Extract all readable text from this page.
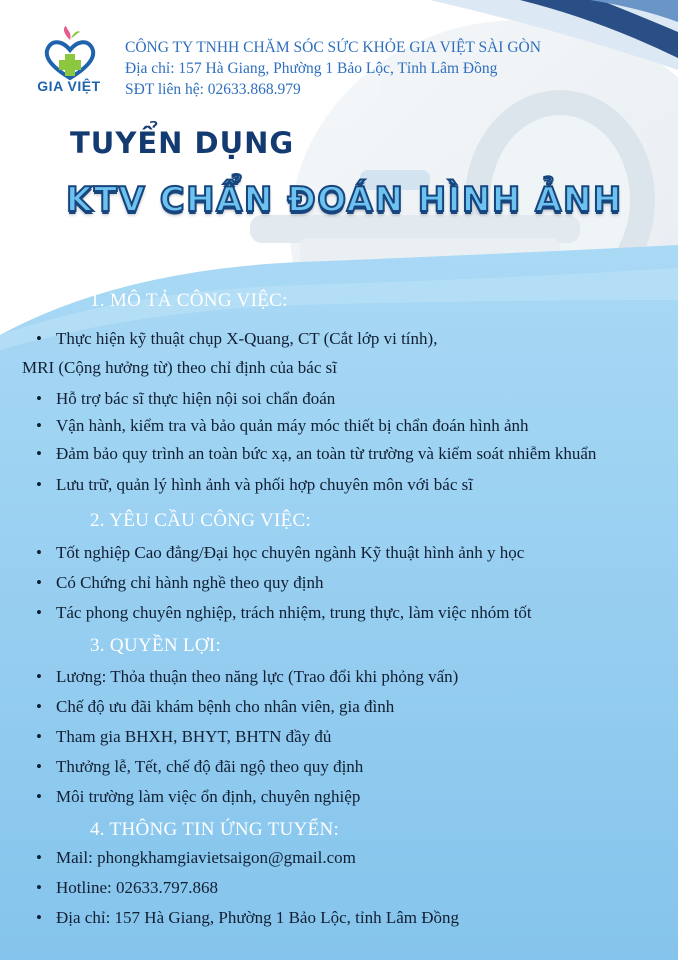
GIA VIỆT
CÔNG TY TNHH CHĂM SÓC SỨC KHỎE GIA VIỆT SÀI GÒN
Địa chỉ: 157 Hà Giang, Phường 1 Bảo Lộc, Tỉnh Lâm Đồng
SĐT liên hệ: 02633.868.979
TUYỂN DỤNG
KTV CHẨN ĐOÁN HÌNH ẢNH
1. MÔ TẢ CÔNG VIỆC:
• Thực hiện kỹ thuật chụp X-Quang, CT (Cắt lớp vi tính),
MRI (Cộng hưởng từ) theo chỉ định của bác sĩ
• Hỗ trợ bác sĩ thực hiện nội soi chẩn đoán
• Vận hành, kiểm tra và bảo quản máy móc thiết bị chẩn đoán hình ảnh
• Đảm bảo quy trình an toàn bức xạ, an toàn từ trường và kiểm soát nhiễm khuẩn
• Lưu trữ, quản lý hình ảnh và phối hợp chuyên môn với bác sĩ
2. YÊU CẦU CÔNG VIỆC:
• Tốt nghiệp Cao đẳng/Đại học chuyên ngành Kỹ thuật hình ảnh y học
• Có Chứng chỉ hành nghề theo quy định
• Tác phong chuyên nghiệp, trách nhiệm, trung thực, làm việc nhóm tốt
3. QUYỀN LỢI:
• Lương: Thỏa thuận theo năng lực (Trao đổi khi phỏng vấn)
• Chế độ ưu đãi khám bệnh cho nhân viên, gia đình
• Tham gia BHXH, BHYT, BHTN đầy đủ
• Thưởng lễ, Tết, chế độ đãi ngộ theo quy định
• Môi trường làm việc ổn định, chuyên nghiệp
4. THÔNG TIN ỨNG TUYỂN:
• Mail: phongkhamgiavietsaigon@gmail.com
• Hotline: 02633.797.868
• Địa chỉ: 157 Hà Giang, Phường 1 Bảo Lộc, tỉnh Lâm Đồng
